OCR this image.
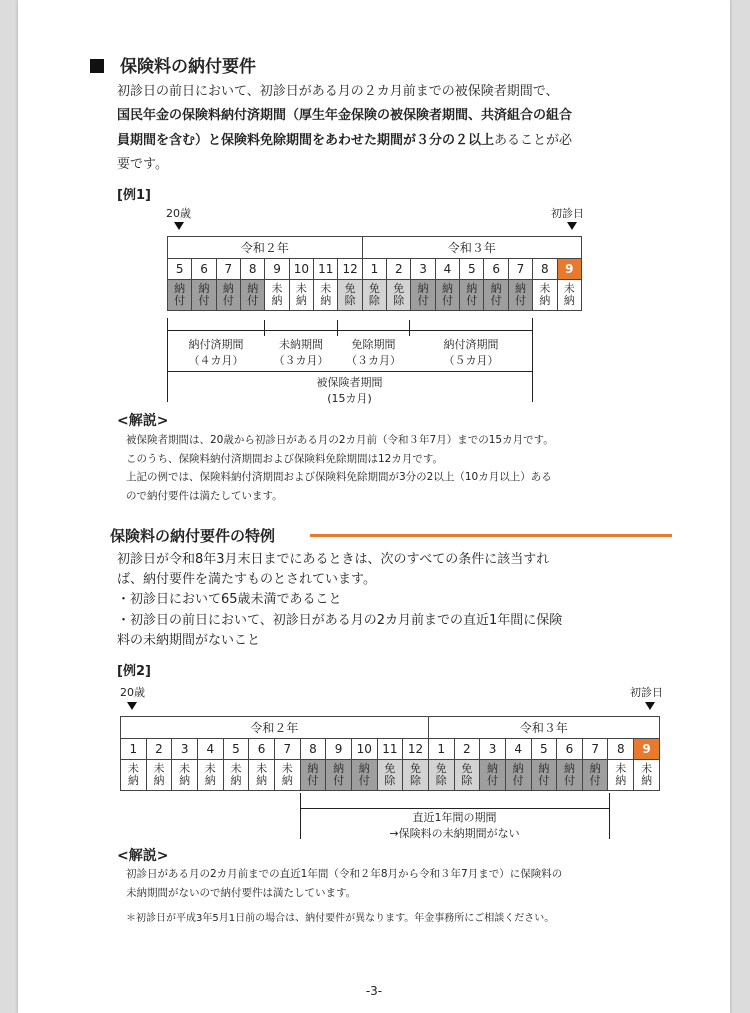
保険料の納付要件
初診日の前日において、初診日がある月の２カ月前までの被保険者期間で、
国民年金の保険料納付済期間（厚生年金保険の被保険者期間、共済組合の組合
員期間を含む）と保険料免除期間をあわせた期間が３分の２以上あることが必
要です。
[例1]
20歳	初診日
令和２年								令和３年								
5	6	7	8	9	10	11	12	1	2	3	4	5	6	7	8	9
納付	納付	納付	納付	未納	未納	未納	免除	免除	免除	納付	納付	納付	納付	納付	未納	未納
納付済期間
（４カ月）
未納期間
（３カ月）
免除期間
（３カ月）
納付済期間
（５カ月）
被保険者期間
(15カ月)
<解説>
被保険者期間は、20歳から初診日がある月の2カ月前（令和３年7月）までの15カ月です。
このうち、保険料納付済期間および保険料免除期間は12カ月です。
上記の例では、保険料納付済期間および保険料免除期間が3分の2以上（10カ月以上）ある
ので納付要件は満たしています。
保険料の納付要件の特例
初診日が令和8年3月末日までにあるときは、次のすべての条件に該当すれ
ば、納付要件を満たすものとされています。
・初診日において65歳未満であること
・初診日の前日において、初診日がある月の2カ月前までの直近1年間に保険
料の未納期間がないこと
[例2]
20歳	初診日
令和２年												令和３年								
1	2	3	4	5	6	7	8	9	10	11	12	1	2	3	4	5	6	7	8	9
未納	未納	未納	未納	未納	未納	未納	納付	納付	納付	免除	免除	免除	免除	納付	納付	納付	納付	納付	未納	未納
直近1年間の期間
→保険料の未納期間がない
<解説>
初診日がある月の2カ月前までの直近1年間（令和２年8月から令和３年7月まで）に保険料の
未納期間がないので納付要件は満たしています。
＊初診日が平成3年5月1日前の場合は、納付要件が異なります。年金事務所にご相談ください。
-3-
